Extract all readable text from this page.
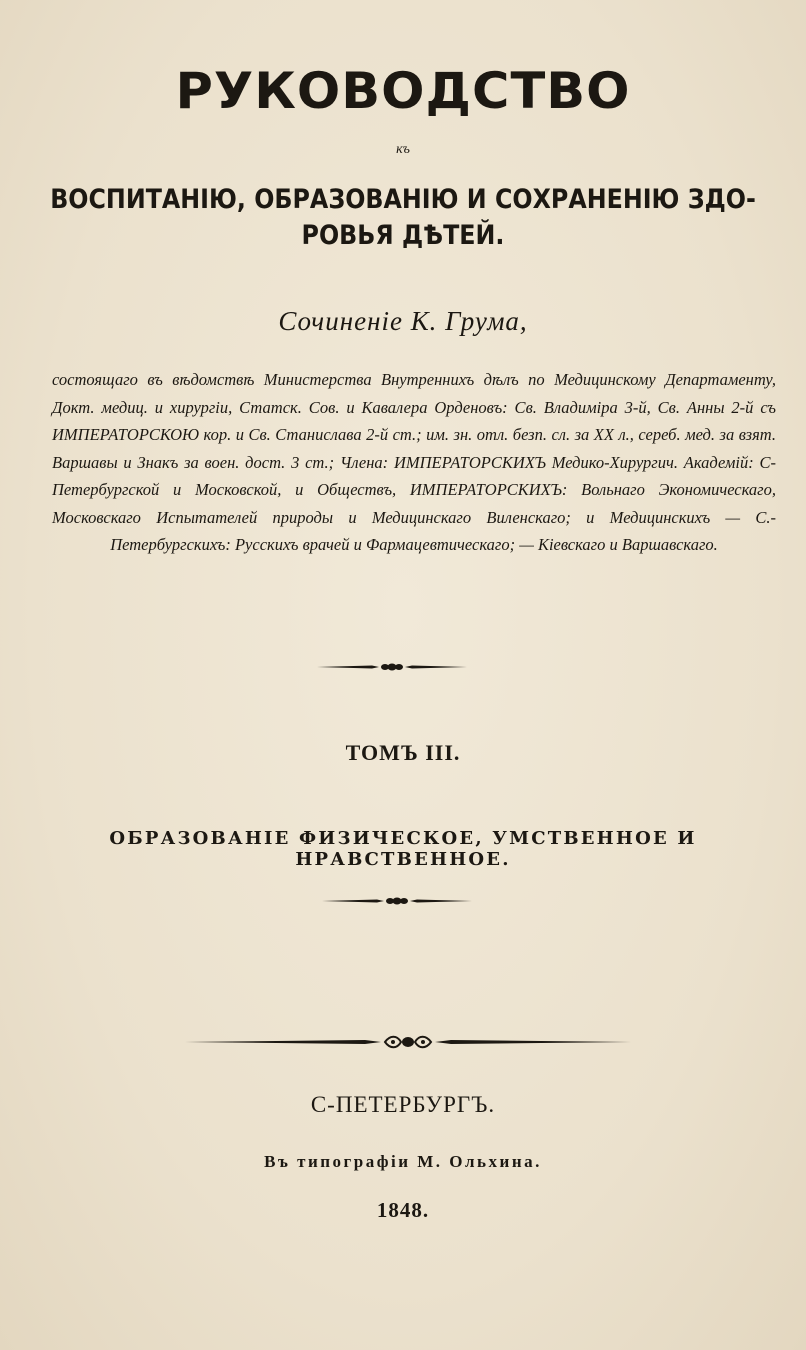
РУКОВОДСТВО
къ
ВОСПИТАНІЮ, ОБРАЗОВАНІЮ И СОХРАНЕНІЮ ЗДО-
РОВЬЯ ДѢТЕЙ.
Сочиненіе К. Грума,
состоящаго въ вѣдомствѣ Министерства Внутреннихъ дѣлъ по Медицинскому Департаменту, Докт. медиц. и хирургіи, Статск. Сов. и Кавалера Орденовъ: Св. Владиміра 3-й, Св. Анны 2-й съ ИМПЕРАТОРСКОЮ кор. и Св. Станислава 2-й ст.; им. зн. отл. безп. сл. за XX л., сереб. мед. за взят. Варшавы и Знакъ за воен. дост. 3 ст.; Члена: ИМПЕРАТОРСКИХЪ Медико-Хирургич. Академій: С-Петербургской и Московской, и Обществъ, ИМПЕРАТОРСКИХЪ: Вольнаго Экономическаго, Московскаго Испытателей природы и Медицинскаго Виленскаго; и Медицинскихъ — С.-Петербургскихъ: Русскихъ врачей и Фармацевтическаго; — Кіевскаго и Варшавскаго.
ТОМЪ III.
ОБРАЗОВАНІЕ ФИЗИЧЕСКОЕ, УМСТВЕННОЕ И НРАВСТВЕННОЕ.
С-ПЕТЕРБУРГЪ.
Въ типографіи М. Ольхина.
1848.
